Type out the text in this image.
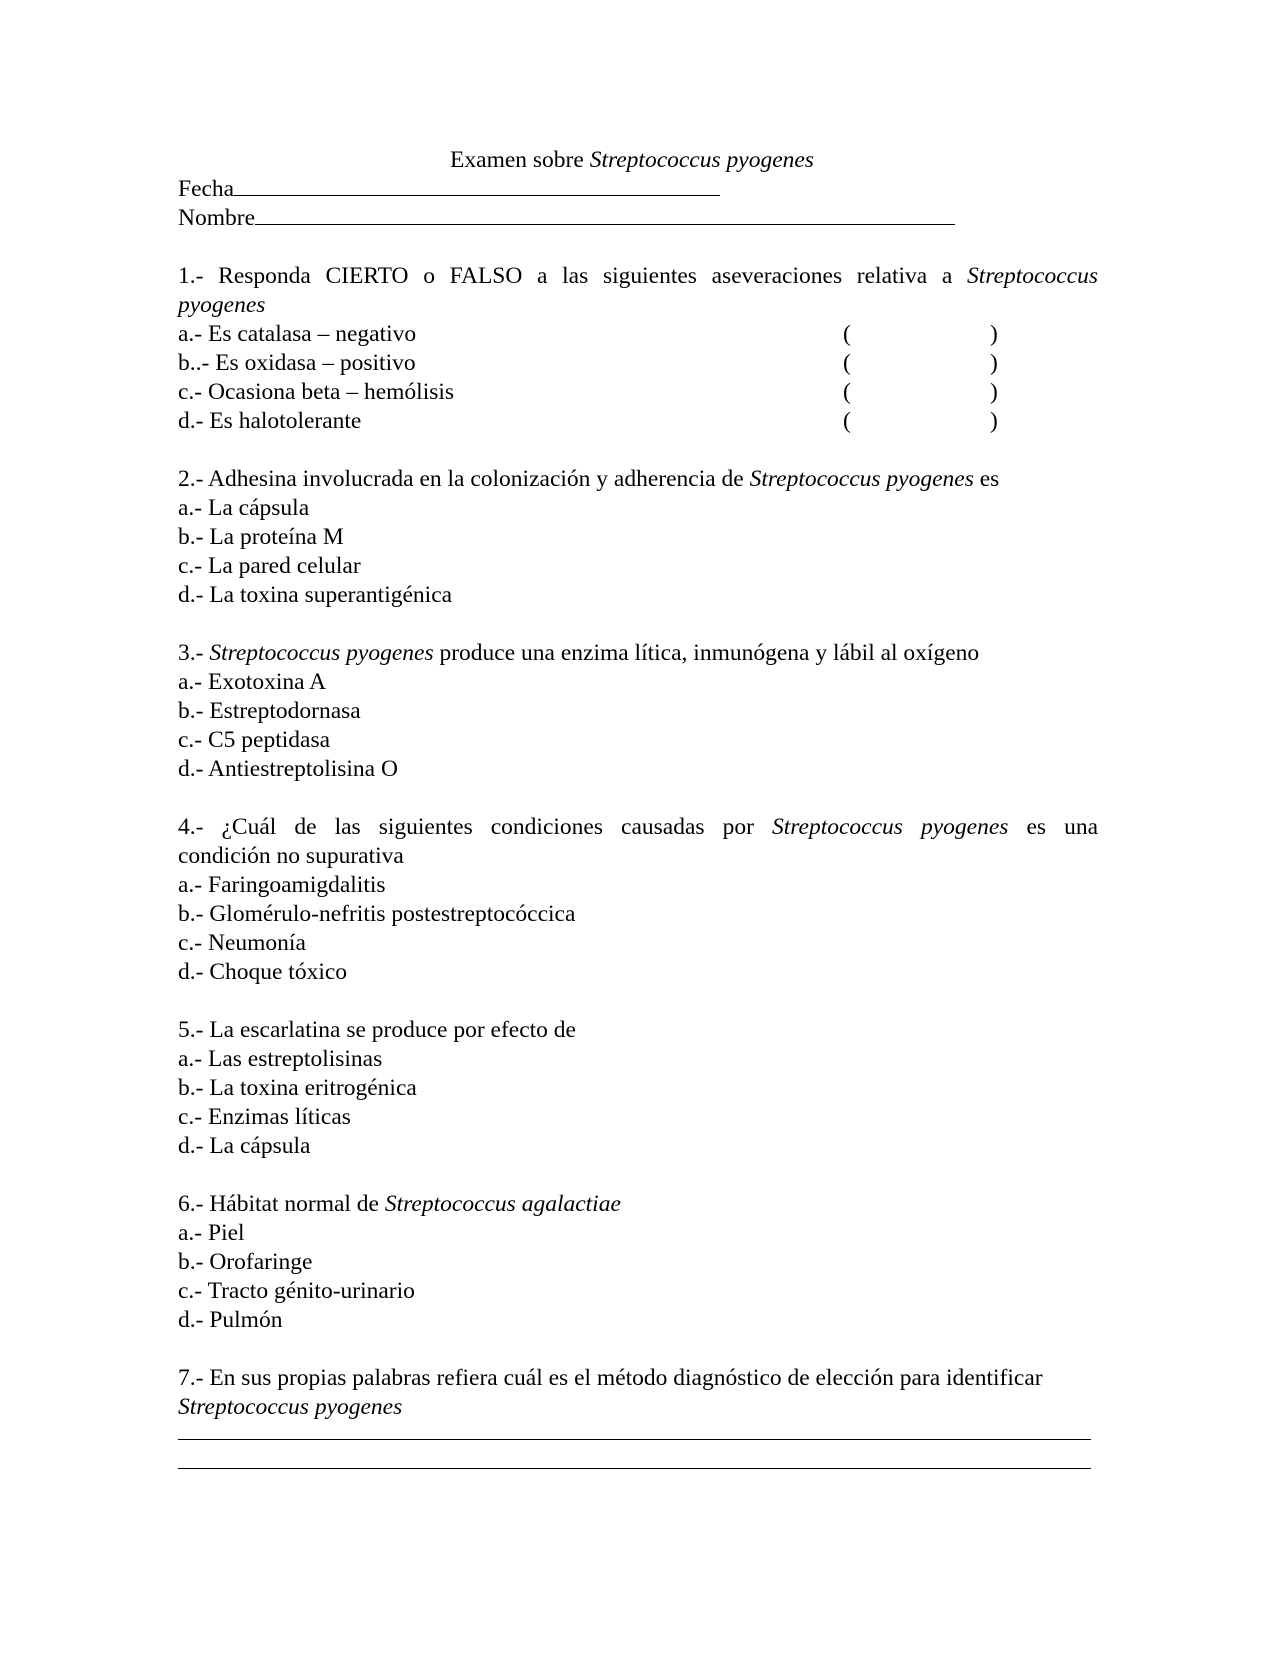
Examen sobre Streptococcus pyogenes

Fecha

Nombre

1.- Responda CIERTO o FALSO a las siguientes aseveraciones relativa a Streptococcus

pyogenes

a.- Es catalasa – negativo	(	)
b..- Es oxidasa – positivo	(	)
c.- Ocasiona beta – hemólisis	(	)
d.- Es halotolerante	(	)

2.- Adhesina involucrada en la colonización y adherencia de Streptococcus pyogenes es

a.- La cápsula

b.- La proteína M

c.- La pared celular

d.- La toxina superantigénica

3.- Streptococcus pyogenes produce una enzima lítica, inmunógena y lábil al oxígeno

a.- Exotoxina A

b.- Estreptodornasa

c.- C5 peptidasa

d.- Antiestreptolisina O

4.- ¿Cuál de las siguientes condiciones causadas por Streptococcus pyogenes es una

condición no supurativa

a.- Faringoamigdalitis

b.- Glomérulo-nefritis postestreptocóccica

c.- Neumonía

d.- Choque tóxico

5.- La escarlatina se produce por efecto de

a.- Las estreptolisinas

b.- La toxina eritrogénica

c.- Enzimas líticas

d.- La cápsula

6.- Hábitat normal de Streptococcus agalactiae

a.- Piel

b.- Orofaringe

c.- Tracto génito-urinario

d.- Pulmón

7.- En sus propias palabras refiera cuál es el método diagnóstico de elección para identificar

Streptococcus pyogenes
